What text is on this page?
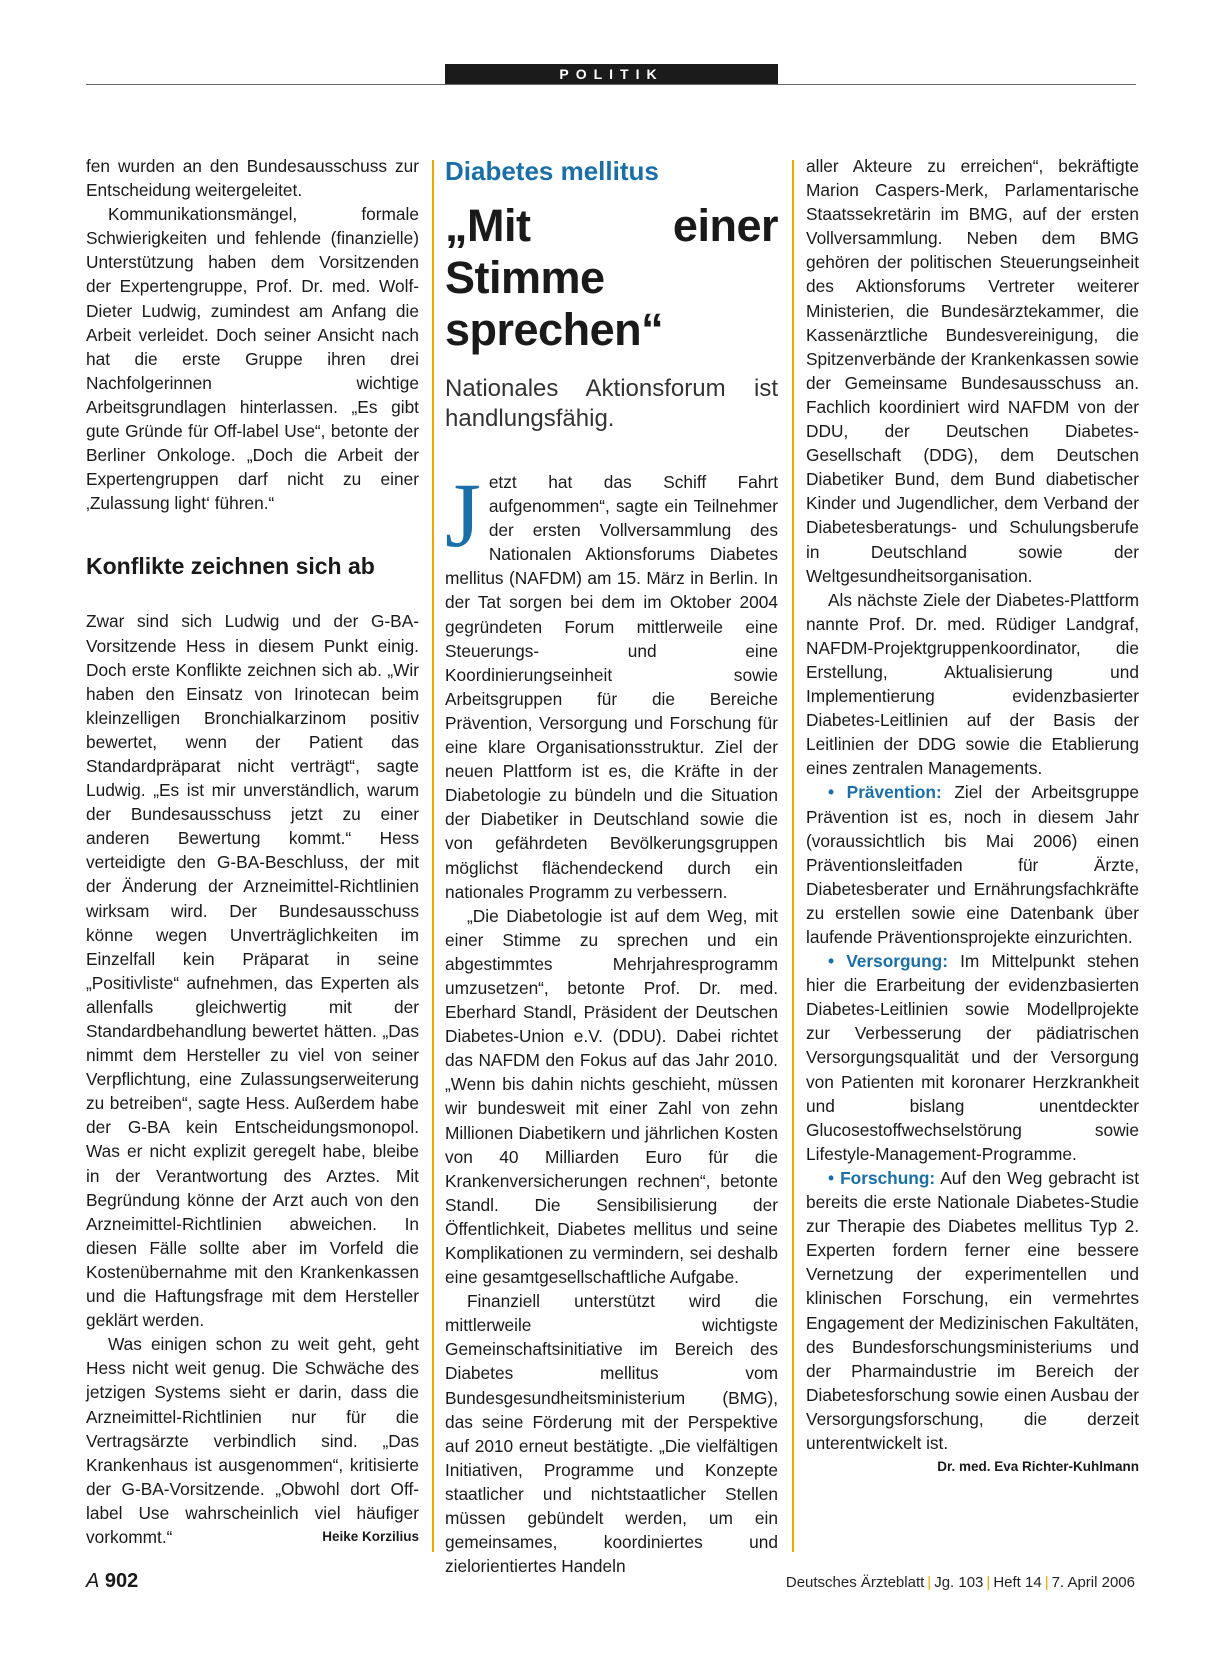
POLITIK

fen wurden an den Bundesausschuss zur Entscheidung weitergeleitet.

Kommunikationsmängel, formale Schwierigkeiten und fehlende (finanzielle) Unterstützung haben dem Vorsitzenden der Expertengruppe, Prof. Dr. med. Wolf-Dieter Ludwig, zumindest am Anfang die Arbeit verleidet. Doch seiner Ansicht nach hat die erste Gruppe ihren drei Nachfolgerinnen wichtige Arbeitsgrundlagen hinterlassen. „Es gibt gute Gründe für Off-label Use“, betonte der Berliner Onkologe. „Doch die Arbeit der Expertengruppen darf nicht zu einer ‚Zulassung light‘ führen.“

Konflikte zeichnen sich ab

Zwar sind sich Ludwig und der G-BA-Vorsitzende Hess in diesem Punkt einig. Doch erste Konflikte zeichnen sich ab. „Wir haben den Einsatz von Irinotecan beim kleinzelligen Bronchialkarzinom positiv bewertet, wenn der Patient das Standardpräparat nicht verträgt“, sagte Ludwig. „Es ist mir unverständlich, warum der Bundesausschuss jetzt zu einer anderen Bewertung kommt.“ Hess verteidigte den G-BA-Beschluss, der mit der Änderung der Arzneimittel-Richtlinien wirksam wird. Der Bundesausschuss könne wegen Unverträglichkeiten im Einzelfall kein Präparat in seine „Positivliste“ aufnehmen, das Experten als allenfalls gleichwertig mit der Standardbehandlung bewertet hätten. „Das nimmt dem Hersteller zu viel von seiner Verpflichtung, eine Zulassungserweiterung zu betreiben“, sagte Hess. Außerdem habe der G-BA kein Entscheidungsmonopol. Was er nicht explizit geregelt habe, bleibe in der Verantwortung des Arztes. Mit Begründung könne der Arzt auch von den Arzneimittel-Richtlinien abweichen. In diesen Fälle sollte aber im Vorfeld die Kostenübernahme mit den Krankenkassen und die Haftungsfrage mit dem Hersteller geklärt werden.

Was einigen schon zu weit geht, geht Hess nicht weit genug. Die Schwäche des jetzigen Systems sieht er darin, dass die Arzneimittel-Richtlinien nur für die Vertragsärzte verbindlich sind. „Das Krankenhaus ist ausgenommen“, kritisierte der G-BA-Vorsitzende. „Obwohl dort Off-label Use wahrscheinlich viel häufiger vorkommt.“	Heike Korzilius

Diabetes mellitus
„Mit einer Stimme sprechen“
Nationales Aktionsforum ist handlungsfähig.

Jetzt hat das Schiff Fahrt aufgenommen“, sagte ein Teilnehmer der ersten Vollversammlung des Nationalen Aktionsforums Diabetes mellitus (NAFDM) am 15. März in Berlin. In der Tat sorgen bei dem im Oktober 2004 gegründeten Forum mittlerweile eine Steuerungs- und eine Koordinierungseinheit sowie Arbeitsgruppen für die Bereiche Prävention, Versorgung und Forschung für eine klare Organisationsstruktur. Ziel der neuen Plattform ist es, die Kräfte in der Diabetologie zu bündeln und die Situation der Diabetiker in Deutschland sowie die von gefährdeten Bevölkerungsgruppen möglichst flächendeckend durch ein nationales Programm zu verbessern.

„Die Diabetologie ist auf dem Weg, mit einer Stimme zu sprechen und ein abgestimmtes Mehrjahresprogramm umzusetzen“, betonte Prof. Dr. med. Eberhard Standl, Präsident der Deutschen Diabetes-Union e.V. (DDU). Dabei richtet das NAFDM den Fokus auf das Jahr 2010. „Wenn bis dahin nichts geschieht, müssen wir bundesweit mit einer Zahl von zehn Millionen Diabetikern und jährlichen Kosten von 40 Milliarden Euro für die Krankenversicherungen rechnen“, betonte Standl. Die Sensibilisierung der Öffentlichkeit, Diabetes mellitus und seine Komplikationen zu vermindern, sei deshalb eine gesamtgesellschaftliche Aufgabe.

Finanziell unterstützt wird die mittlerweile wichtigste Gemeinschaftsinitiative im Bereich des Diabetes mellitus vom Bundesgesundheitsministerium (BMG), das seine Förderung mit der Perspektive auf 2010 erneut bestätigte. „Die vielfältigen Initiativen, Programme und Konzepte staatlicher und nichtstaatlicher Stellen müssen gebündelt werden, um ein gemeinsames, koordiniertes und zielorientiertes Handeln

aller Akteure zu erreichen“, bekräftigte Marion Caspers-Merk, Parlamentarische Staatssekretärin im BMG, auf der ersten Vollversammlung. Neben dem BMG gehören der politischen Steuerungseinheit des Aktionsforums Vertreter weiterer Ministerien, die Bundesärztekammer, die Kassenärztliche Bundesvereinigung, die Spitzenverbände der Krankenkassen sowie der Gemeinsame Bundesausschuss an. Fachlich koordiniert wird NAFDM von der DDU, der Deutschen Diabetes-Gesellschaft (DDG), dem Deutschen Diabetiker Bund, dem Bund diabetischer Kinder und Jugendlicher, dem Verband der Diabetesberatungs- und Schulungsberufe in Deutschland sowie der Weltgesundheitsorganisation.

Als nächste Ziele der Diabetes-Plattform nannte Prof. Dr. med. Rüdiger Landgraf, NAFDM-Projektgruppenkoordinator, die Erstellung, Aktualisierung und Implementierung evidenzbasierter Diabetes-Leitlinien auf der Basis der Leitlinien der DDG sowie die Etablierung eines zentralen Managements.

• Prävention: Ziel der Arbeitsgruppe Prävention ist es, noch in diesem Jahr (voraussichtlich bis Mai 2006) einen Präventionsleitfaden für Ärzte, Diabetesberater und Ernährungsfachkräfte zu erstellen sowie eine Datenbank über laufende Präventionsprojekte einzurichten.

• Versorgung: Im Mittelpunkt stehen hier die Erarbeitung der evidenzbasierten Diabetes-Leitlinien sowie Modellprojekte zur Verbesserung der pädiatrischen Versorgungsqualität und der Versorgung von Patienten mit koronarer Herzkrankheit und bislang unentdeckter Glucosestoffwechselstörung sowie Lifestyle-Management-Programme.

• Forschung: Auf den Weg gebracht ist bereits die erste Nationale Diabetes-Studie zur Therapie des Diabetes mellitus Typ 2. Experten fordern ferner eine bessere Vernetzung der experimentellen und klinischen Forschung, ein vermehrtes Engagement der Medizinischen Fakultäten, des Bundesforschungsministeriums und der Pharmaindustrie im Bereich der Diabetesforschung sowie einen Ausbau der Versorgungsforschung, die derzeit unterentwickelt ist.
Dr. med. Eva Richter-Kuhlmann

A 902	Deutsches Ärzteblatt | Jg. 103 | Heft 14 | 7. April 2006
